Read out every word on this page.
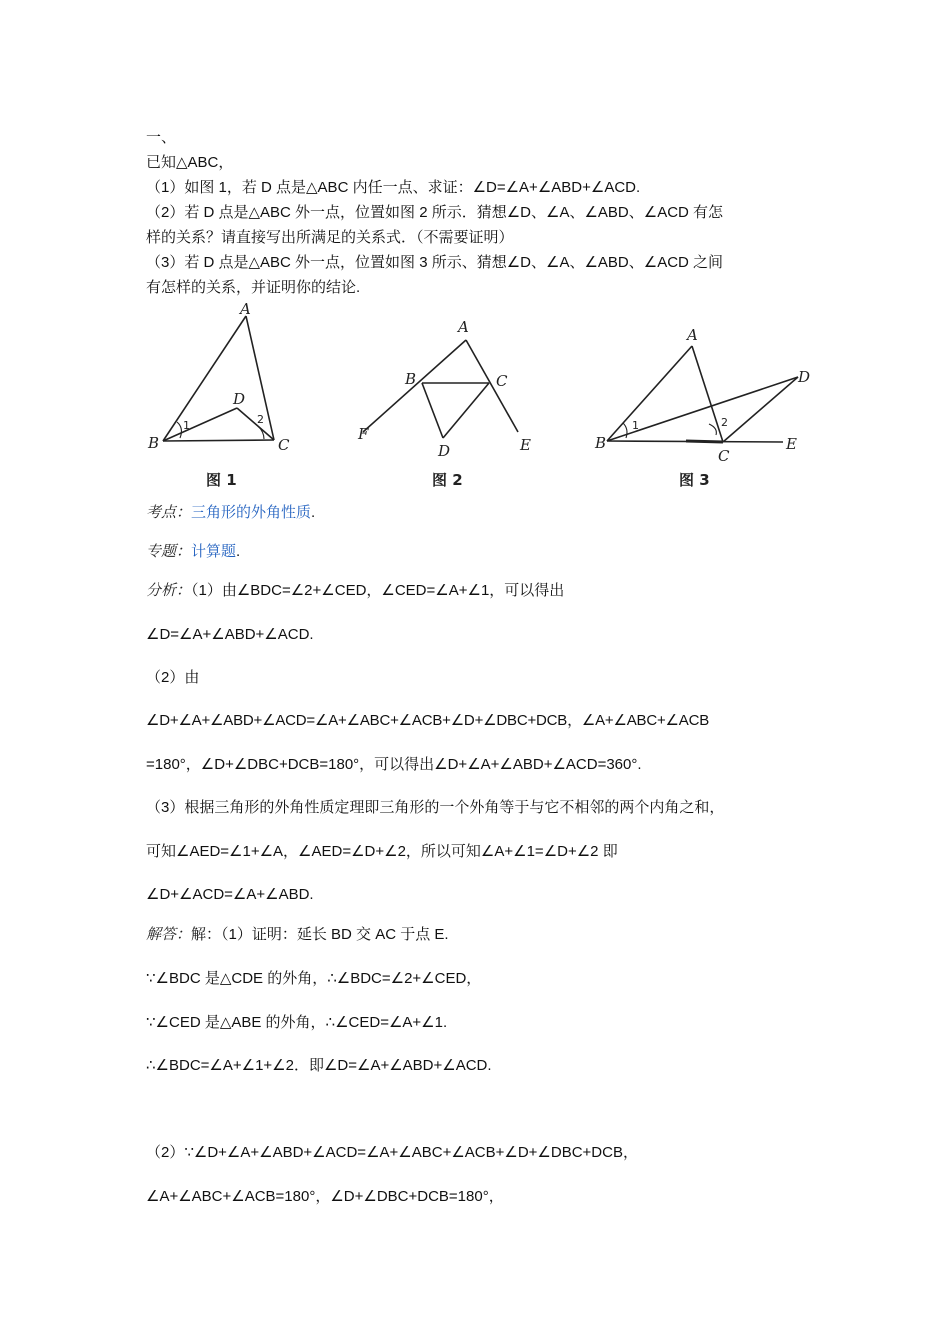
一、
已知△ABC，
（1）如图 1，若 D 点是△ABC 内任一点、求证：∠D=∠A+∠ABD+∠ACD.
（2）若 D 点是△ABC 外一点，位置如图 2 所示．猜想∠D、∠A、∠ABD、∠ACD 有怎
样的关系？请直接写出所满足的关系式．（不需要证明）
（3）若 D 点是△ABC 外一点，位置如图 3 所示、猜想∠D、∠A、∠ABD、∠ACD 之间
有怎样的关系，并证明你的结论.
A
B	C
D
1	2
图 1
A
B	C
D	E
F
图 2
A
B
C
D
E
1	2
图 3
考点：三角形的外角性质.
专题：计算题.
分析：（1）由∠BDC=∠2+∠CED，∠CED=∠A+∠1，可以得出
∠D=∠A+∠ABD+∠ACD.
（2）由
∠D+∠A+∠ABD+∠ACD=∠A+∠ABC+∠ACB+∠D+∠DBC+DCB，∠A+∠ABC+∠ACB
=180°，∠D+∠DBC+DCB=180°，可以得出∠D+∠A+∠ABD+∠ACD=360°.
（3）根据三角形的外角性质定理即三角形的一个外角等于与它不相邻的两个内角之和，
可知∠AED=∠1+∠A，∠AED=∠D+∠2，所以可知∠A+∠1=∠D+∠2 即
∠D+∠ACD=∠A+∠ABD.
解答：解：（1）证明：延长 BD 交 AC 于点 E.
∵∠BDC 是△CDE 的外角，∴∠BDC=∠2+∠CED，
∵∠CED 是△ABE 的外角，∴∠CED=∠A+∠1.
∴∠BDC=∠A+∠1+∠2．即∠D=∠A+∠ABD+∠ACD.
（2）∵∠D+∠A+∠ABD+∠ACD=∠A+∠ABC+∠ACB+∠D+∠DBC+DCB，
∠A+∠ABC+∠ACB=180°，∠D+∠DBC+DCB=180°，
